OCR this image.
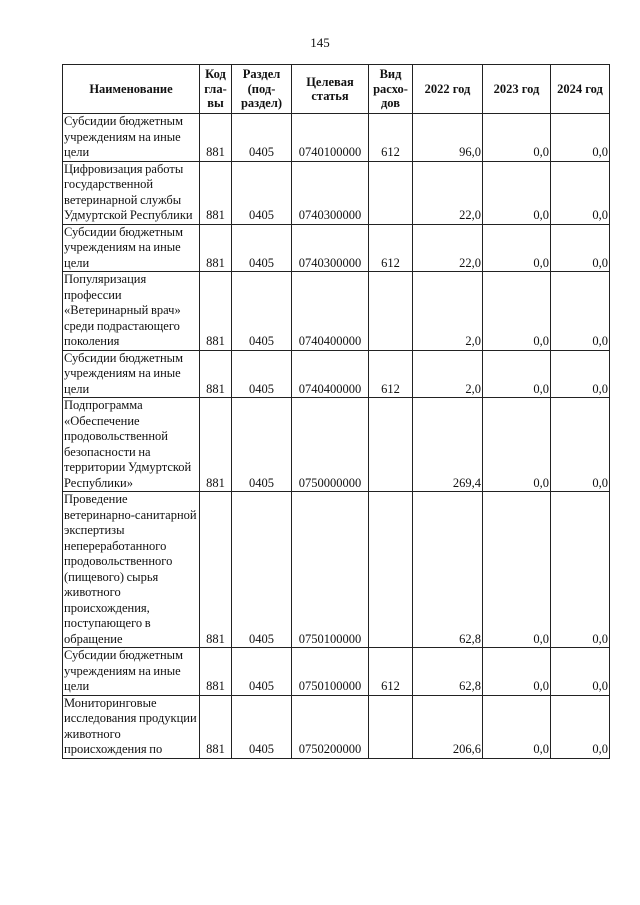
145
Наименование	Код гла-вы	Раздел (под-раздел)	Целевая статья	Вид расхо-дов	2022 год	2023 год	2024 год
Субсидии бюджетным учреждениям на иные цели	881	0405	0740100000	612	96,0	0,0	0,0
Цифровизация работы государственной ветеринарной службы Удмуртской Республики	881	0405	0740300000		22,0	0,0	0,0
Субсидии бюджетным учреждениям на иные цели	881	0405	0740300000	612	22,0	0,0	0,0
Популяризация профессии «Ветеринарный врач» среди подрастающего поколения	881	0405	0740400000		2,0	0,0	0,0
Субсидии бюджетным учреждениям на иные цели	881	0405	0740400000	612	2,0	0,0	0,0
Подпрограмма «Обеспечение продовольственной безопасности на территории Удмуртской Республики»	881	0405	0750000000		269,4	0,0	0,0
Проведение ветеринарно-санитарной экспертизы непереработанного продовольственного (пищевого) сырья животного происхождения, поступающего в обращение	881	0405	0750100000		62,8	0,0	0,0
Субсидии бюджетным учреждениям на иные цели	881	0405	0750100000	612	62,8	0,0	0,0
Мониторинговые исследования продукции животного происхождения по	881	0405	0750200000		206,6	0,0	0,0
